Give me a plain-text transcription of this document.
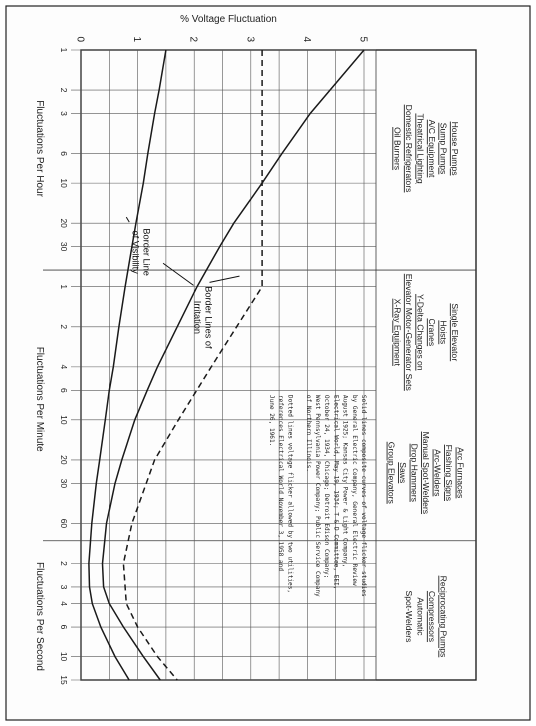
0	1	2	3	4	5
% Voltage Fluctuation
1
2
3
6
10
20
30
1
2
4
6
10
20
30
60
2
3
4
6
10
15
Fluctuations Per Hour
Fluctuations Per Minute
Fluctuations Per Second
House Pumps
Sump Pumps
A/C Equipment
Theatrical Lighting
Domestic Refrigerators
Oil Burners
Single Elevator
Hoists
Cranes
Y-Delta Changes on
Elevator Motor-Generator Sets
X-Ray Equipment
Arc Furnaces
Flashing Signs
Arc-Welders
Manual Spot-Welders
Drop Hammers
Saws
Group Elevators
Reciprocating Pumps
Compressors
Automatic
Spot-Welders
Solid lines composite curves of voltage flicker studies
by General Electric Company, General Electric Review
August 1925; Kansas City Power & Light Company,
Electrical World, May 19, 1934; T & D Committee, EEI,
October 24, 1934, Chicago; Detroit Edison Company;
West Pennsylvania Power Company; Public Service Company
of Northern Illinois.
Dotted lines voltage flicker allowed by two utilities,
references Electrical World November 3, 1958 and
June 26, 1961.
Border Lines of
Irritation
Border Line
of Visibility
